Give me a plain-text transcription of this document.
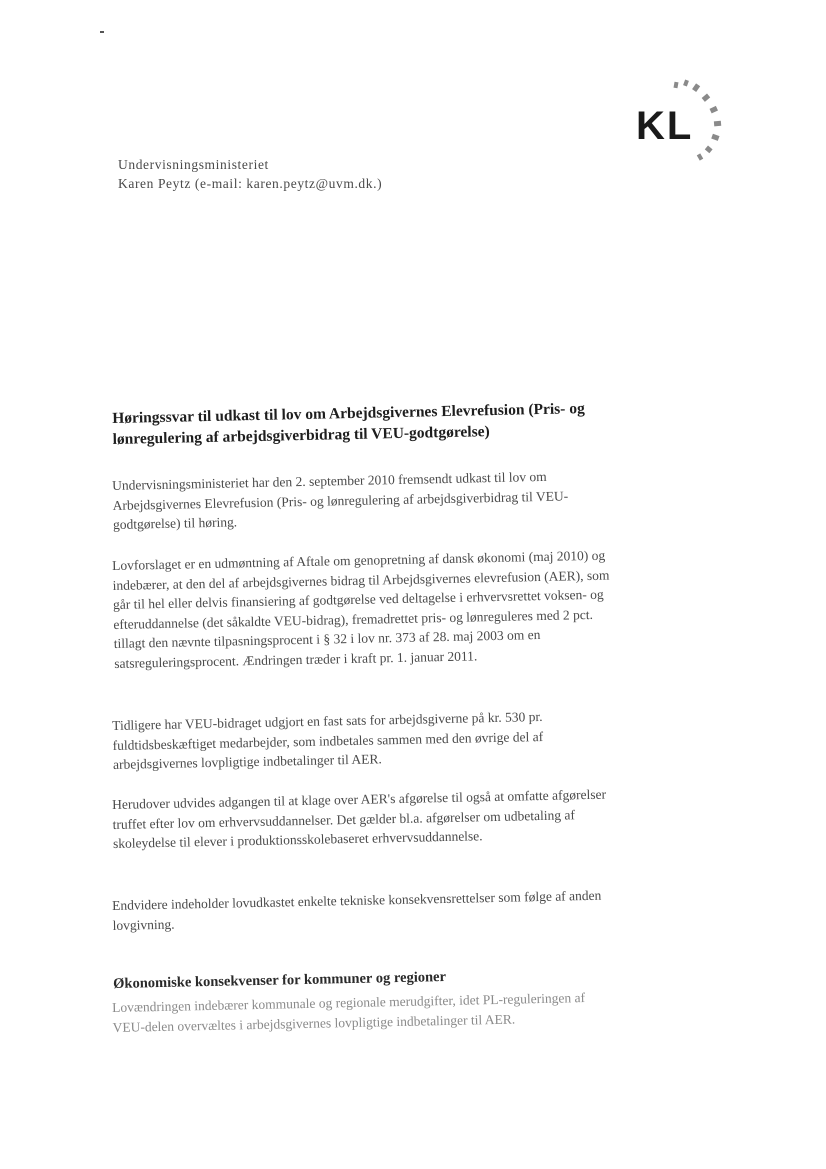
KL
Undervisningsministeriet
Karen Peytz (e-mail: karen.peytz@uvm.dk.)
Høringssvar til udkast til lov om Arbejdsgivernes Elevrefusion (Pris- og lønregulering af arbejdsgiverbidrag til VEU-godtgørelse)

Undervisningsministeriet har den 2. september 2010 fremsendt udkast til lov om Arbejdsgivernes Elevrefusion (Pris- og lønregulering af arbejdsgiverbidrag til VEU-godtgørelse) til høring.

Lovforslaget er en udmøntning af Aftale om genopretning af dansk økonomi (maj 2010) og indebærer, at den del af arbejdsgivernes bidrag til Arbejdsgivernes elevrefusion (AER), som går til hel eller delvis finansiering af godtgørelse ved deltagelse i erhvervsrettet voksen- og efteruddannelse (det såkaldte VEU-bidrag), fremadrettet pris- og lønreguleres med 2 pct. tillagt den nævnte tilpasningsprocent i § 32 i lov nr. 373 af 28. maj 2003 om en satsreguleringsprocent. Ændringen træder i kraft pr. 1. januar 2011.

Tidligere har VEU-bidraget udgjort en fast sats for arbejdsgiverne på kr. 530 pr. fuldtidsbeskæftiget medarbejder, som indbetales sammen med den øvrige del af arbejdsgivernes lovpligtige indbetalinger til AER.

Herudover udvides adgangen til at klage over AER's afgørelse til også at omfatte afgørelser truffet efter lov om erhvervsuddannelser. Det gælder bl.a. afgørelser om udbetaling af skoleydelse til elever i produktionsskolebaseret erhvervsuddannelse.

Endvidere indeholder lovudkastet enkelte tekniske konsekvensrettelser som følge af anden lovgivning.

Økonomiske konsekvenser for kommuner og regioner

Lovændringen indebærer kommunale og regionale merudgifter, idet PL-reguleringen af VEU-delen overvæltes i arbejdsgivernes lovpligtige indbetalinger til AER.
